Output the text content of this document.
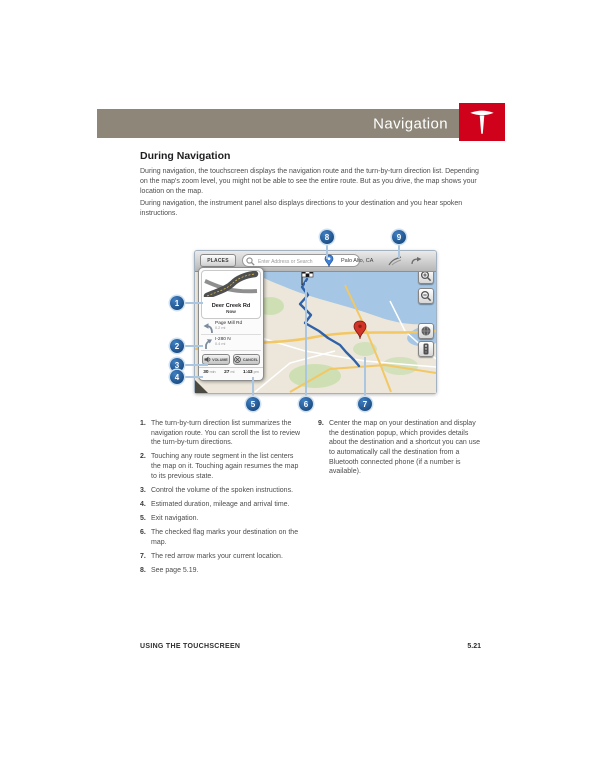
Navigation
During Navigation
During navigation, the touchscreen displays the navigation route and the turn-by-turn direction list. Depending on the map's zoom level, you might not be able to see the entire route. But as you drive, the map shows your location on the map.
During navigation, the instrument panel also displays directions to your destination and you hear spoken instructions.
PLACES
Enter Address or Search	Palo Alto, CA
Deer Creek Rd
Now
Page Mill Rd
0.2 mi
I-280 N
0.4 mi
VOLUME	CANCEL
30 min 27 mi 1:43 pm
1
2
3
4
5	6	7
8	9
1. The turn-by-turn direction list summarizes the navigation route. You can scroll the list to review the turn-by-turn directions.
2. Touching any route segment in the list centers the map on it. Touching again resumes the map to its previous state.
3. Control the volume of the spoken instructions.
4. Estimated duration, mileage and arrival time.
5. Exit navigation.
6. The checked flag marks your destination on the map.
7. The red arrow marks your current location.
8. See page 5.19.
9. Center the map on your destination and display the destination popup, which provides details about the destination and a shortcut you can use to automatically call the destination from a Bluetooth connected phone (if a number is available).
USING THE TOUCHSCREEN	5.21
